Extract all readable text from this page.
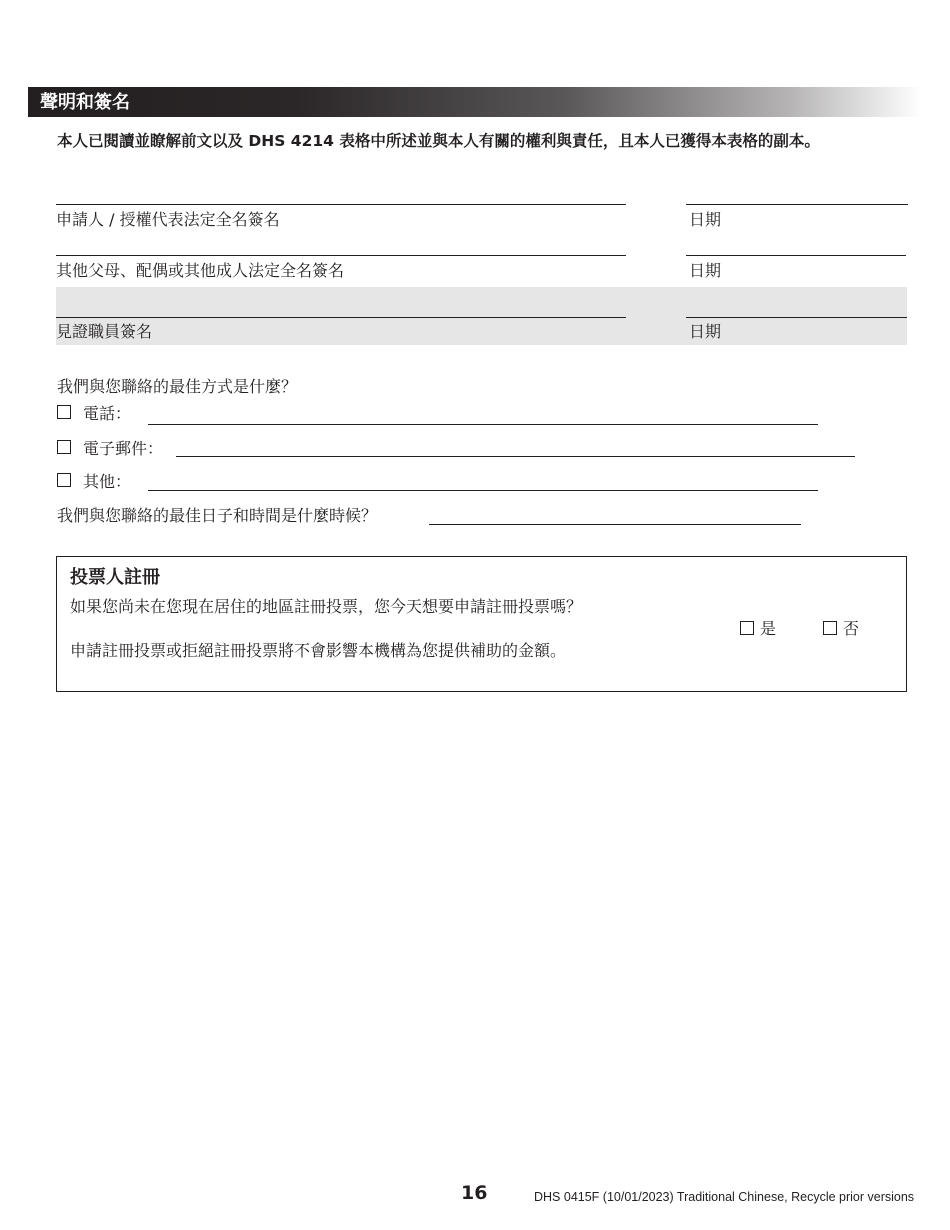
聲明和簽名
本人已閱讀並瞭解前文以及 DHS 4214 表格中所述並與本人有關的權利與責任，且本人已獲得本表格的副本。
申請人 / 授權代表法定全名簽名	日期
其他父母、配偶或其他成人法定全名簽名	日期
見證職員簽名	日期
我們與您聯絡的最佳方式是什麼？
電話：
電子郵件：
其他：
我們與您聯絡的最佳日子和時間是什麼時候？
投票人註冊
如果您尚未在您現在居住的地區註冊投票，您今天想要申請註冊投票嗎？
申請註冊投票或拒絕註冊投票將不會影響本機構為您提供補助的金額。
是	否
16	DHS 0415F (10/01/2023) Traditional Chinese, Recycle prior versions
